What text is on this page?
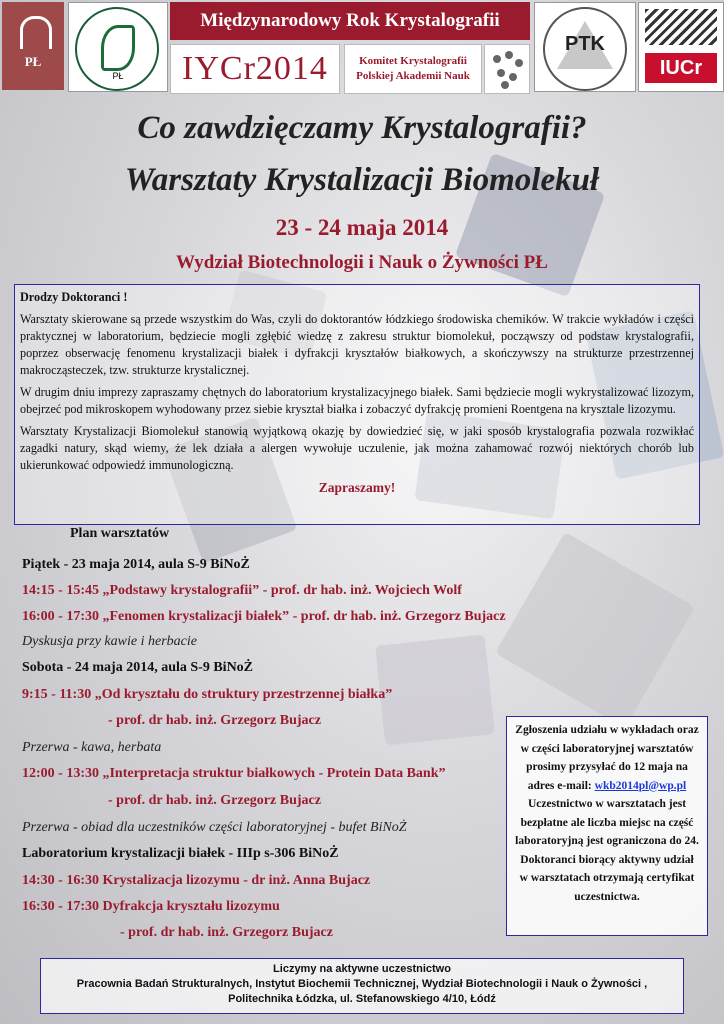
PŁ
PŁ
Międzynarodowy Rok Krystalografii
IYCr2014	Komitet Krystalografii
Polskiej Akademii Nauk
PTK
IUCr
Co zawdzięczamy Krystalografii?
Warsztaty Krystalizacji Biomolekuł
23 - 24 maja 2014
Wydział Biotechnologii i Nauk o Żywności PŁ

Drodzy Doktoranci !

Warsztaty skierowane są przede wszystkim do Was, czyli do doktorantów łódzkiego środowiska chemików. W trakcie wykładów i części praktycznej w laboratorium, będziecie mogli zgłębić wiedzę z zakresu struktur biomolekuł, począwszy od podstaw krystalografii, poprzez obserwację fenomenu krystalizacji białek i dyfrakcji kryształów białkowych, a skończywszy na strukturze przestrzennej makrocząsteczek, tzw. strukturze krystalicznej.

W drugim dniu imprezy zapraszamy chętnych do laboratorium krystalizacyjnego białek. Sami będziecie mogli wykrystalizować lizozym, obejrzeć pod mikroskopem wyhodowany przez siebie kryształ białka i zobaczyć dyfrakcję promieni Roentgena na krysztale lizozymu.

Warsztaty Krystalizacji Biomolekuł stanowią wyjątkową okazję by dowiedzieć się, w jaki sposób krystalografia pozwala rozwikłać zagadki natury, skąd wiemy, że lek działa a alergen wywołuje uczulenie, jak można zahamować rozwój niektórych chorób lub ukierunkować odpowiedź immunologiczną.

Zapraszamy!

Plan warsztatów
Piątek - 23 maja 2014, aula S-9 BiNoŻ
14:15 - 15:45 „Podstawy krystalografii” - prof. dr hab. inż. Wojciech Wolf
16:00 - 17:30 „Fenomen krystalizacji białek” - prof. dr hab. inż. Grzegorz Bujacz
Dyskusja przy kawie i herbacie
Sobota - 24 maja 2014, aula S-9 BiNoŻ
9:15 - 11:30 „Od kryształu do struktury przestrzennej białka”
- prof. dr hab. inż. Grzegorz Bujacz
Przerwa - kawa, herbata
12:00 - 13:30 „Interpretacja struktur białkowych - Protein Data Bank”
- prof. dr hab. inż. Grzegorz Bujacz
Przerwa - obiad dla uczestników części laboratoryjnej - bufet BiNoŻ
Laboratorium krystalizacji białek - IIIp s-306 BiNoŻ
14:30 - 16:30 Krystalizacja lizozymu - dr inż. Anna Bujacz
16:30 - 17:30 Dyfrakcja kryształu lizozymu
- prof. dr hab. inż. Grzegorz Bujacz
Zgłoszenia udziału w wykładach oraz
w części laboratoryjnej warsztatów
prosimy przysyłać do 12 maja na
adres e-mail: wkb2014pl@wp.pl
Uczestnictwo w warsztatach jest
bezpłatne ale liczba miejsc na część
laboratoryjną jest ograniczona do 24.
Doktoranci biorący aktywny udział
w warsztatach otrzymają certyfikat
uczestnictwa.
Liczymy na aktywne uczestnictwo
Pracownia Badań Strukturalnych, Instytut Biochemii Technicznej, Wydział Biotechnologii i Nauk o Żywności ,
Politechnika Łódzka, ul. Stefanowskiego 4/10, Łódź
